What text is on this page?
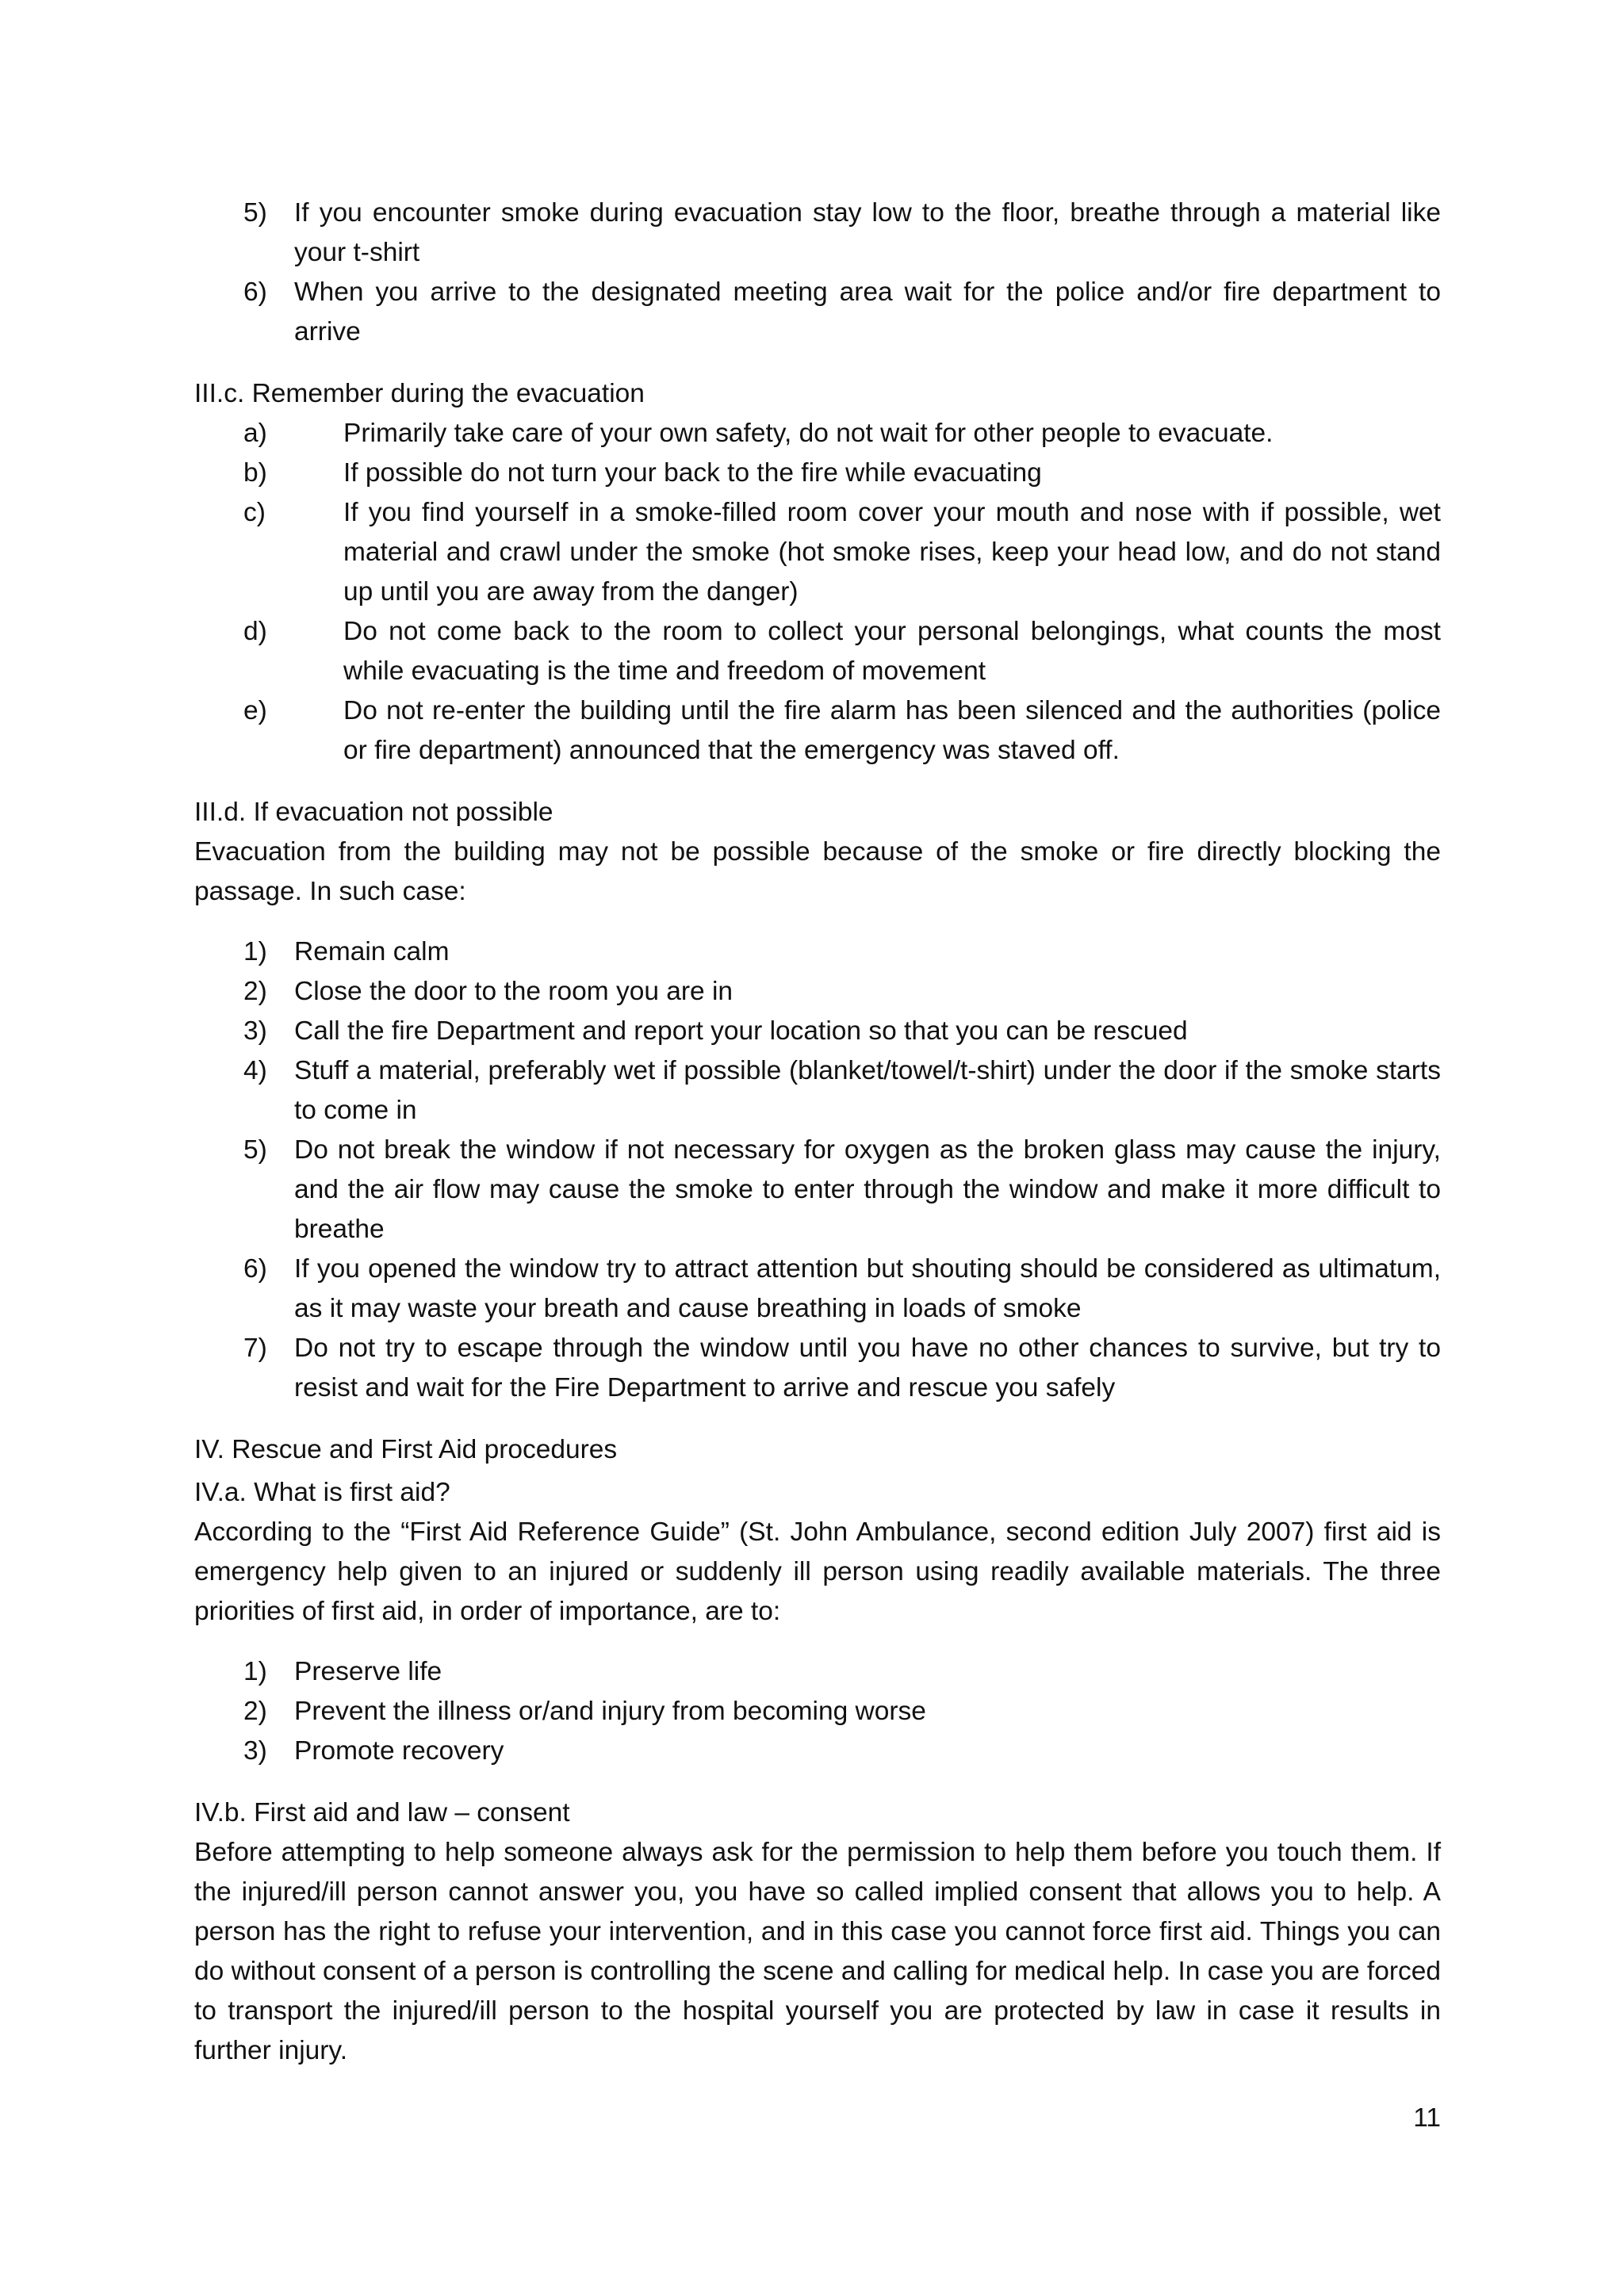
5) If you encounter smoke during evacuation stay low to the floor, breathe through a material like your t-shirt
6) When you arrive to the designated meeting area wait for the police and/or fire department to arrive

III.c. Remember during the evacuation

a)	Primarily take care of your own safety, do not wait for other people to evacuate.
b)	If possible do not turn your back to the fire while evacuating
c)	If you find yourself in a smoke-filled room cover your mouth and nose with if possible, wet material and crawl under the smoke (hot smoke rises, keep your head low, and do not stand up until you are away from the danger)
d)	Do not come back to the room to collect your personal belongings, what counts the most while evacuating is the time and freedom of movement
e)	Do not re-enter the building until the fire alarm has been silenced and the authorities (police or fire department) announced that the emergency was staved off.

III.d. If evacuation not possible

Evacuation from the building may not be possible because of the smoke or fire directly blocking the passage. In such case:

1) Remain calm
2) Close the door to the room you are in
3) Call the fire Department and report your location so that you can be rescued
4) Stuff a material, preferably wet if possible (blanket/towel/t-shirt) under the door if the smoke starts to come in
5) Do not break the window if not necessary for oxygen as the broken glass may cause the injury, and the air flow may cause the smoke to enter through the window and make it more difficult to breathe
6) If you opened the window try to attract attention but shouting should be considered as ultimatum, as it may waste your breath and cause breathing in loads of smoke
7) Do not try to escape through the window until you have no other chances to survive, but try to resist and wait for the Fire Department to arrive and rescue you safely

IV. Rescue and First Aid procedures

IV.a. What is first aid?

According to the “First Aid Reference Guide” (St. John Ambulance, second edition July 2007) first aid is emergency help given to an injured or suddenly ill person using readily available materials. The three priorities of first aid, in order of importance, are to:

1) Preserve life
2) Prevent the illness or/and injury from becoming worse
3) Promote recovery

IV.b. First aid and law – consent

Before attempting to help someone always ask for the permission to help them before you touch them. If the injured/ill person cannot answer you, you have so called implied consent that allows you to help. A person has the right to refuse your intervention, and in this case you cannot force first aid. Things you can do without consent of a person is controlling the scene and calling for medical help. In case you are forced to transport the injured/ill person to the hospital yourself you are protected by law in case it results in further injury.

11
